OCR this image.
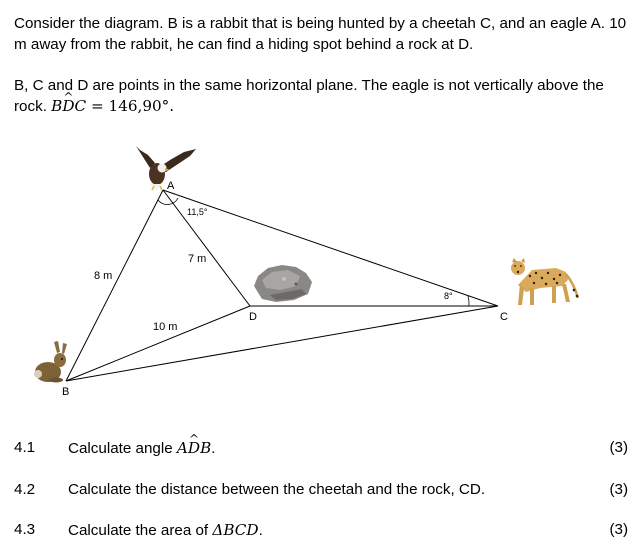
Consider the diagram. B is a rabbit that is being hunted by a cheetah C, and an eagle A. 10 m away from the rabbit, he can find a hiding spot behind a rock at D.

B, C and D are points in the same horizontal plane. The eagle is not vertically above the rock. B^ DC = 146,90°.

A
B
C
D
8 m
7 m
10 m
11,5°
8°
4.1 Calculate angle A^ DB.	(3)
4.2 Calculate the distance between the cheetah and the rock, CD.	(3)
4.3 Calculate the area of ΔBCD.	(3)
